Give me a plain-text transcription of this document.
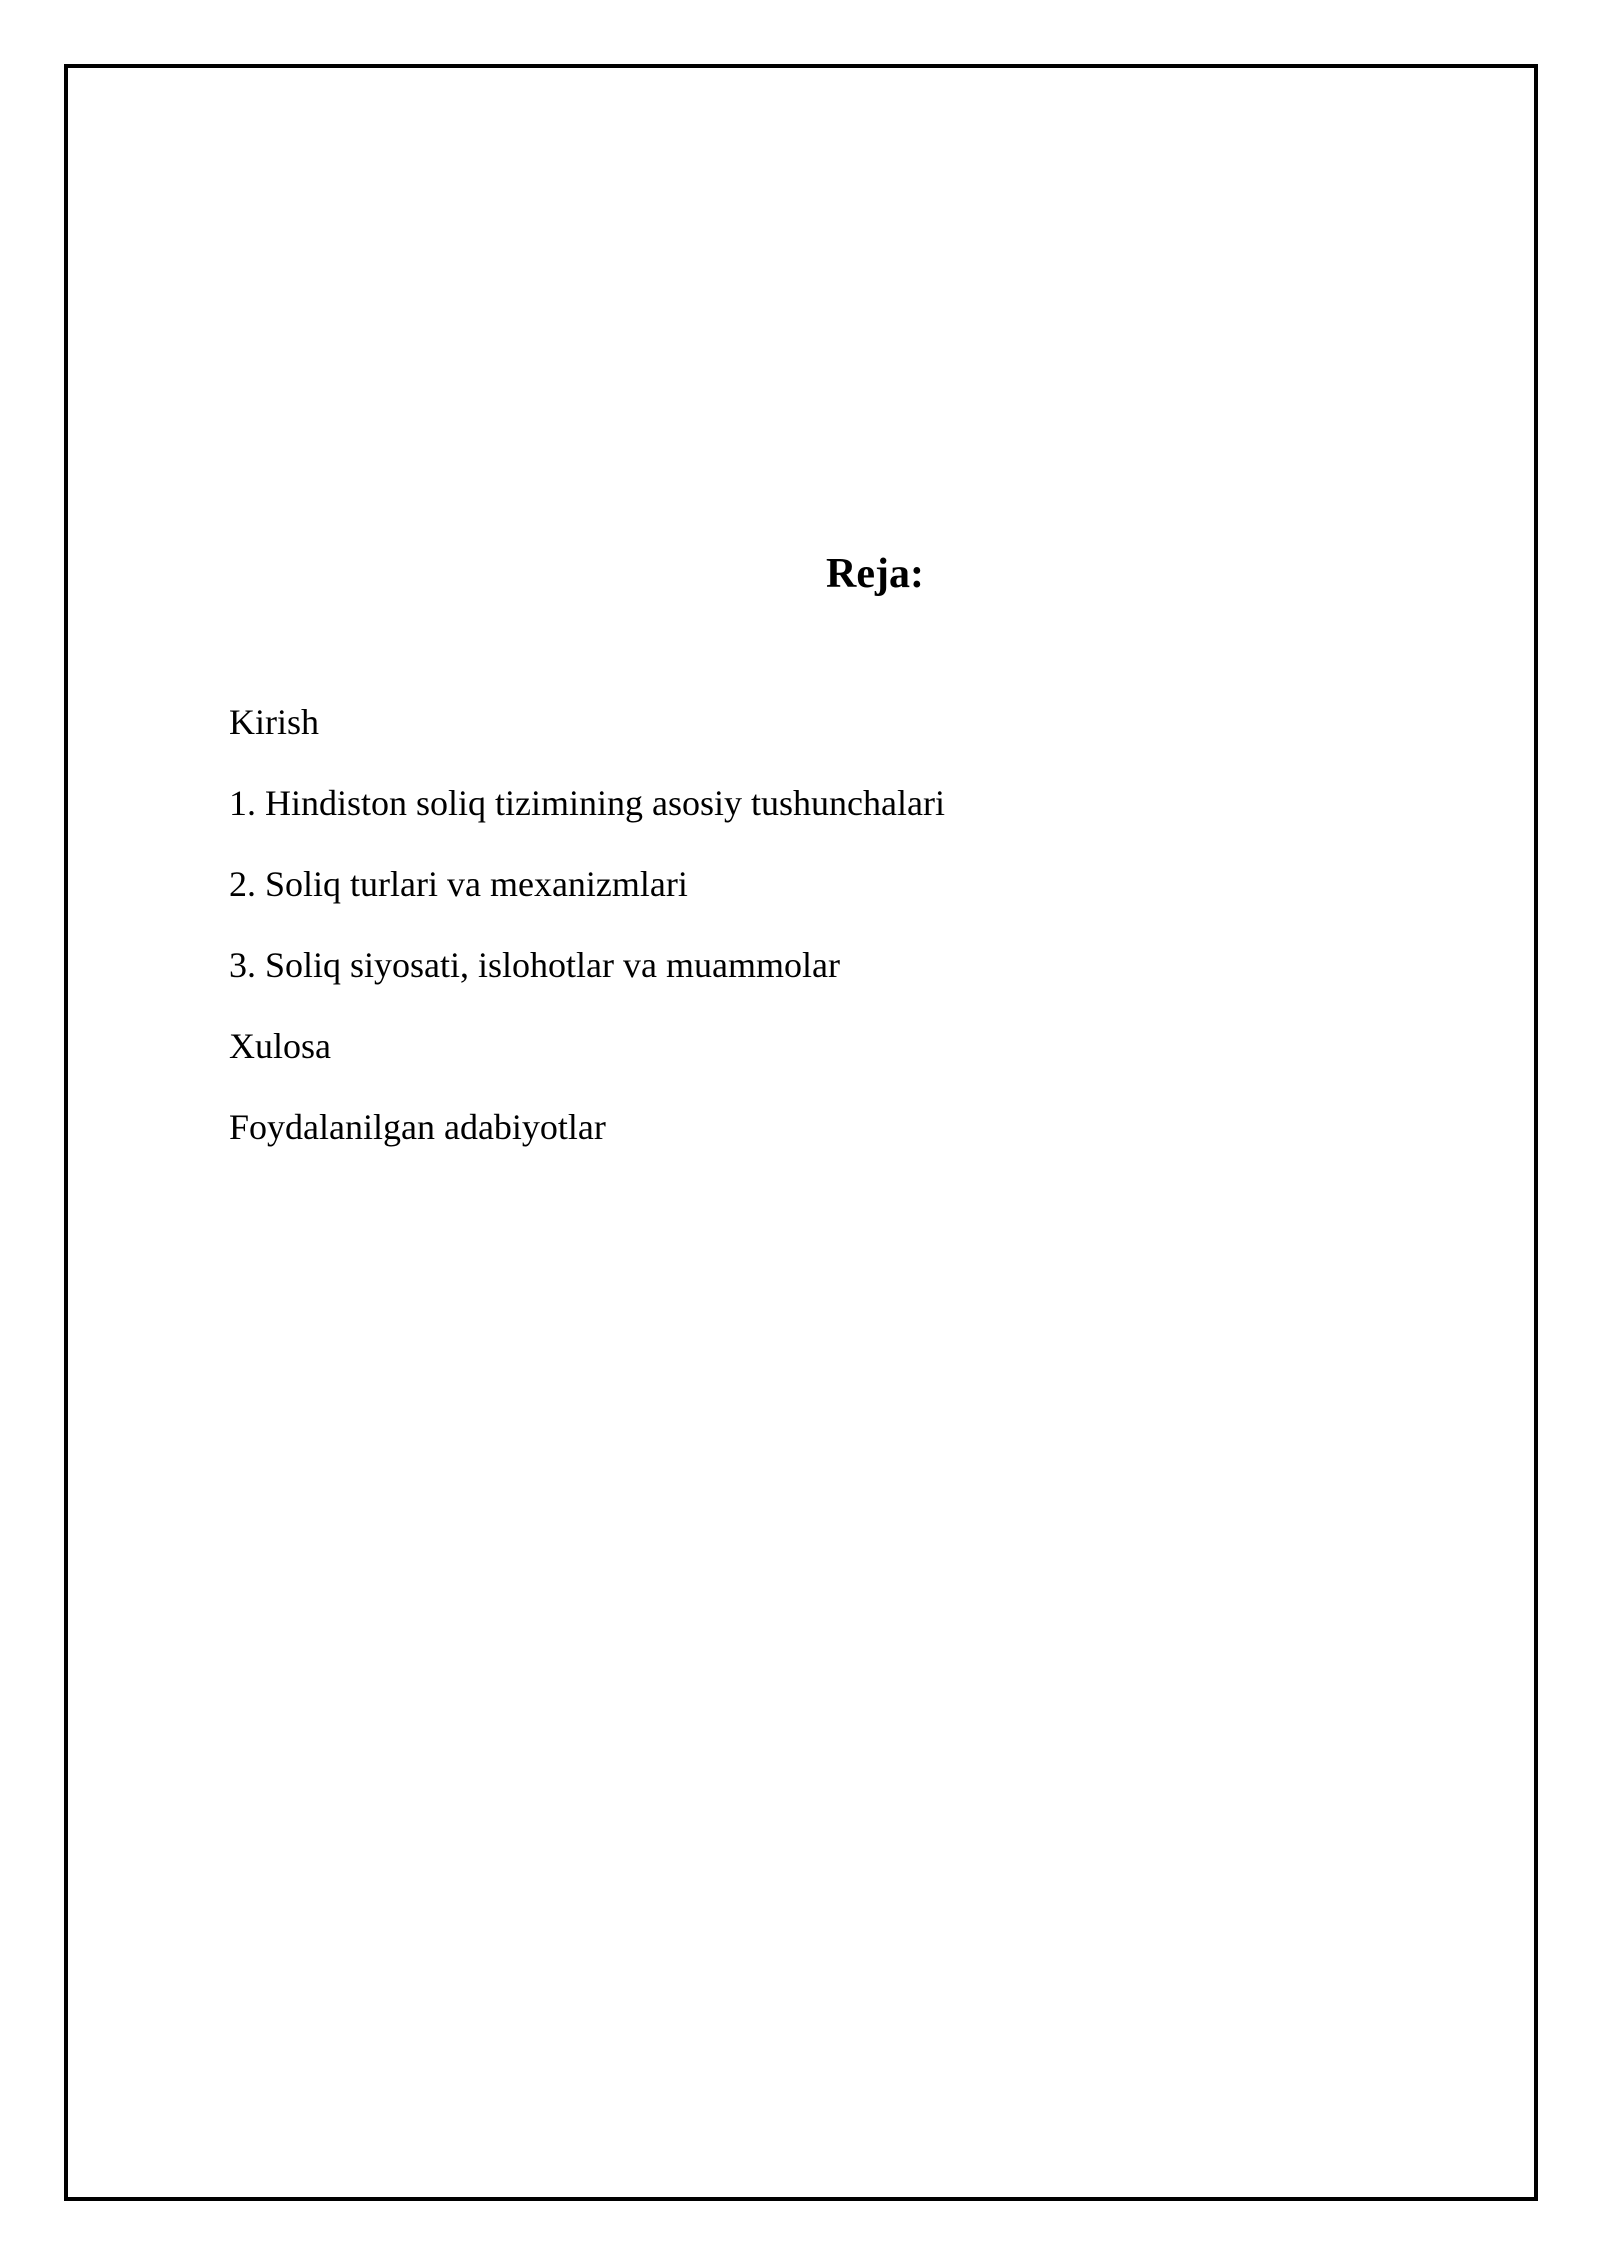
Reja:
Kirish
1. Hindiston soliq tizimining asosiy tushunchalari
2. Soliq turlari va mexanizmlari
3. Soliq siyosati, islohotlar va muammolar
Xulosa
Foydalanilgan adabiyotlar
